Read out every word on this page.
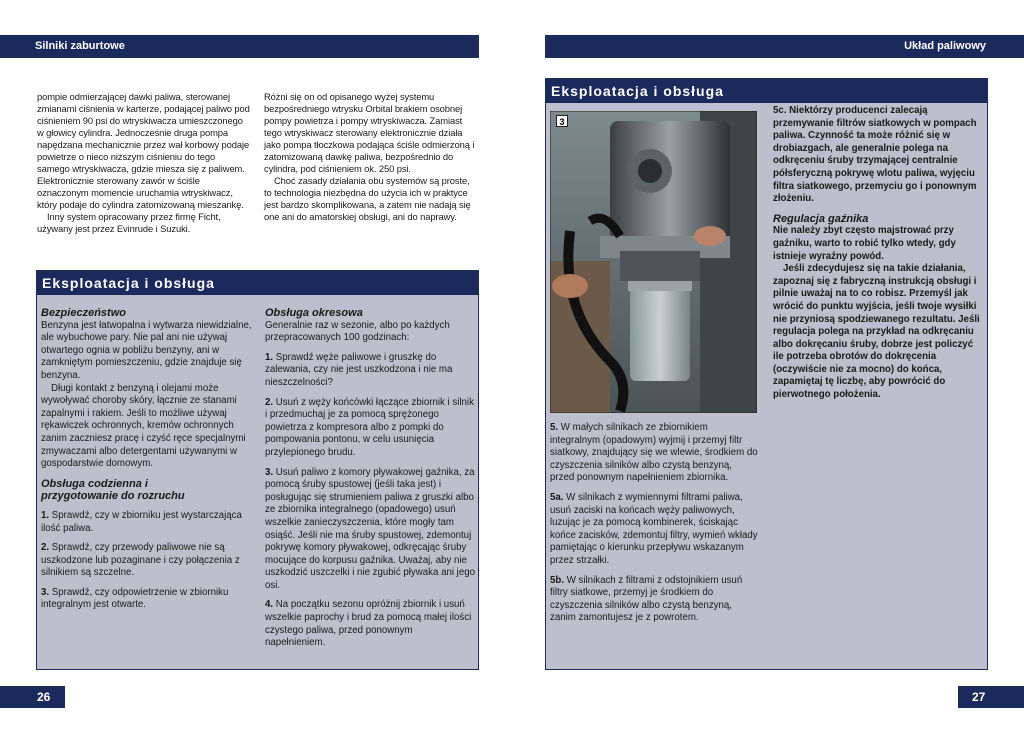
Silniki zaburtowe	Układ paliwowy

pompie odmierzającej dawki paliwa, sterowanej zmianami ciśnienia w karterze, podającej paliwo pod ciśnieniem 90 psi do wtryskiwacza umieszczonego w głowicy cylindra. Jednocześnie druga pompa napędzana mechanicznie przez wał korbowy podaje powietrze o nieco niższym ciśnieniu do tego samego wtryskiwacza, gdzie miesza się z paliwem. Elektronicznie sterowany zawór w ściśle oznaczonym momencie uruchamia wtryskiwacz, który podaje do cylindra zatomizowaną mieszankę.

Inny system opracowany przez firmę Ficht, używany jest przez Evinrude i Suzuki.

Różni się on od opisanego wyżej systemu bezpośredniego wtrysku Orbital brakiem osobnej pompy powietrza i pompy wtryskiwacza. Zamiast tego wtryskiwacz sterowany elektronicznie działa jako pompa tłoczkowa podająca ściśle odmierzoną i zatomizowaną dawkę paliwa, bezpośrednio do cylindra, pod ciśnieniem ok. 250 psi.

Choć zasady działania obu systemów są proste, to technologia niezbędna do użycia ich w praktyce jest bardzo skomplikowana, a zatem nie nadają się one ani do amatorskiej obsługi, ani do naprawy.

Eksploatacja i obsługa
Bezpieczeństwo

Benzyna jest łatwopalna i wytwarza niewidzialne, ale wybuchowe pary. Nie pal ani nie używaj otwartego ognia w pobliżu benzyny, ani w zamkniętym pomieszczeniu, gdzie znajduje się benzyna.

Długi kontakt z benzyną i olejami może wywoływać choroby skóry, łącznie ze stanami zapalnymi i rakiem. Jeśli to możliwe używaj rękawiczek ochronnych, kremów ochronnych zanim zaczniesz pracę i czyść ręce specjalnymi zmywaczami albo detergentami używanymi w gospodarstwie domowym.

Obsługa codzienna i przygotowanie do rozruchu

1. Sprawdź, czy w zbiorniku jest wystarczająca ilość paliwa.

2. Sprawdź, czy przewody paliwowe nie są uszkodzone lub pozaginane i czy połączenia z silnikiem są szczelne.

3. Sprawdź, czy odpowietrzenie w zbiorniku integralnym jest otwarte.

Obsługa okresowa

Generalnie raz w sezonie, albo po każdych przepracowanych 100 godzinach:

1. Sprawdź węże paliwowe i gruszkę do zalewania, czy nie jest uszkodzona i nie ma nieszczelności?

2. Usuń z węży końcówki łączące zbiornik i silnik i przedmuchaj je za pomocą sprężonego powietrza z kompresora albo z pompki do pompowania pontonu, w celu usunięcia przylepionego brudu.

3. Usuń paliwo z komory pływakowej gaźnika, za pomocą śruby spustowej (jeśli taka jest) i posługując się strumieniem paliwa z gruszki albo ze zbiornika integralnego (opadowego) usuń wszelkie zanieczyszczenia, które mogły tam osiąść. Jeśli nie ma śruby spustowej, zdemontuj pokrywę komory pływakowej, odkręcając śruby mocujące do korpusu gaźnika. Uważaj, aby nie uszkodzić uszczelki i nie zgubić pływaka ani jego osi.

4. Na początku sezonu opróżnij zbiornik i usuń wszelkie paprochy i brud za pomocą małej ilości czystego paliwa, przed ponownym napełnieniem.

Eksploatacja i obsługa

5. W małych silnikach ze zbiornikiem integralnym (opadowym) wyjmij i przemyj filtr siatkowy, znajdujący się we wlewie, środkiem do czyszczenia silników albo czystą benzyną, przed ponownym napełnieniem zbiornika.

5a. W silnikach z wymiennymi filtrami paliwa, usuń zaciski na końcach węży paliwowych, luzując je za pomocą kombinerek, ściskając końce zacisków, zdemontuj filtry, wymień wkłady pamiętając o kierunku przepływu wskazanym przez strzałki.

5b. W silnikach z filtrami z odstojnikiem usuń filtry siatkowe, przemyj je środkiem do czyszczenia silników albo czystą benzyną, zanim zamontujesz je z powrotem.

5c. Niektórzy producenci zalecają przemywanie filtrów siatkowych w pompach paliwa. Czynność ta może różnić się w drobiazgach, ale generalnie polega na odkręceniu śruby trzymającej centralnie półsferyczną pokrywę wlotu paliwa, wyjęciu filtra siatkowego, przemyciu go i ponownym złożeniu.

Regulacja gaźnika

Nie należy zbyt często majstrować przy gaźniku, warto to robić tylko wtedy, gdy istnieje wyraźny powód.

Jeśli zdecydujesz się na takie działania, zapoznaj się z fabryczną instrukcją obsługi i pilnie uważaj na to co robisz. Przemyśl jak wrócić do punktu wyjścia, jeśli twoje wysiłki nie przyniosą spodziewanego rezultatu. Jeśli regulacja polega na przykład na odkręcaniu albo dokręcaniu śruby, dobrze jest policzyć ile potrzeba obrotów do dokręcenia (oczywiście nie za mocno) do końca, zapamiętaj tę liczbę, aby powrócić do pierwotnego położenia.

3
26	27
